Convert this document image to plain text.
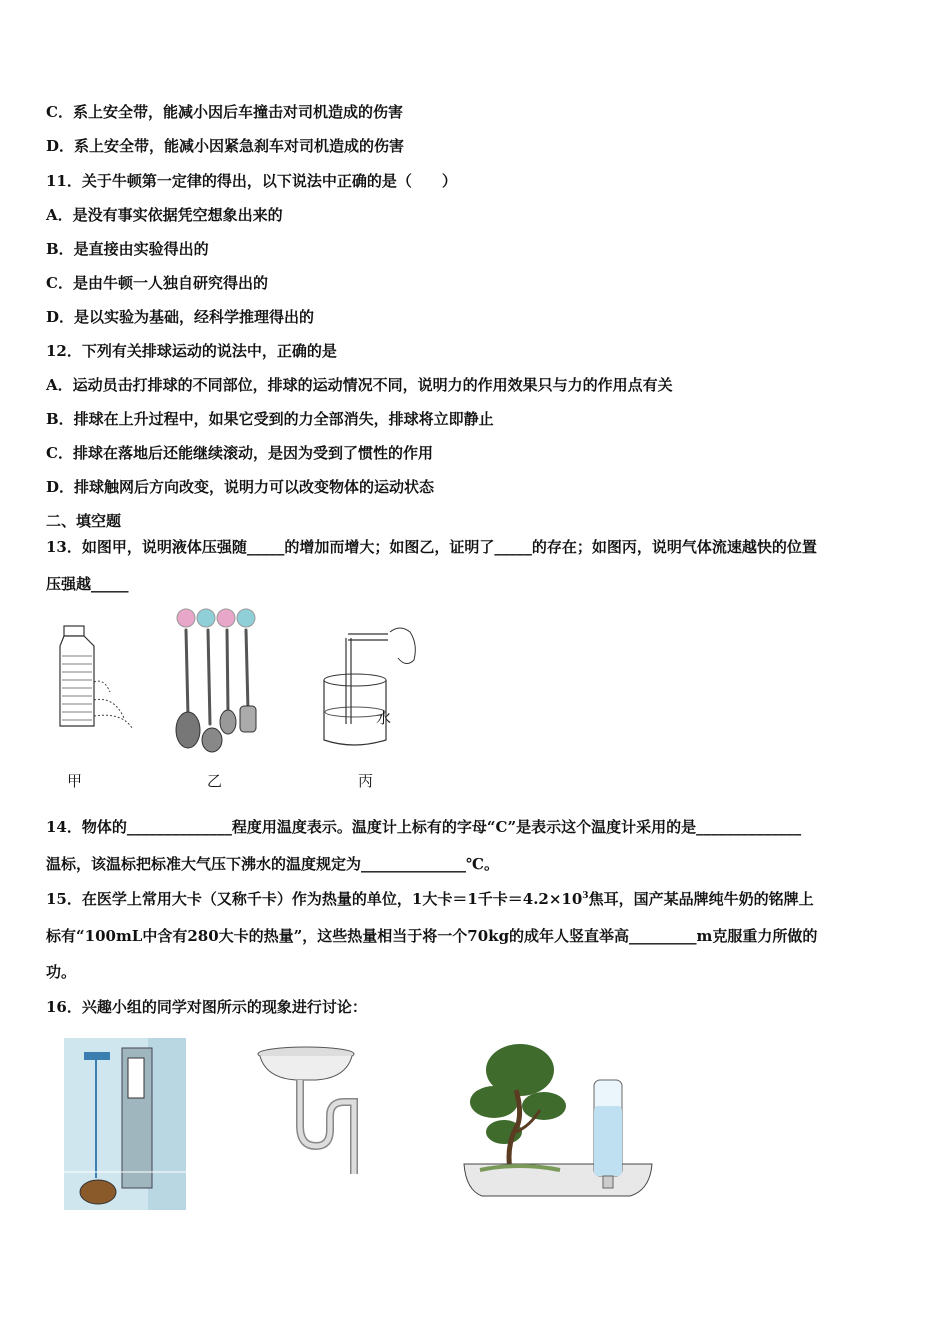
C．系上安全带，能减小因后车撞击对司机造成的伤害
D．系上安全带，能减小因紧急刹车对司机造成的伤害
11．关于牛顿第一定律的得出，以下说法中正确的是（　　）
A．是没有事实依据凭空想象出来的
B．是直接由实验得出的
C．是由牛顿一人独自研究得出的
D．是以实验为基础，经科学推理得出的
12．下列有关排球运动的说法中，正确的是
A．运动员击打排球的不同部位，排球的运动情况不同，说明力的作用效果只与力的作用点有关
B．排球在上升过程中，如果它受到的力全部消失，排球将立即静止
C．排球在落地后还能继续滚动，是因为受到了惯性的作用
D．排球触网后方向改变，说明力可以改变物体的运动状态
二、填空题
13．如图甲，说明液体压强随_____的增加而增大；如图乙，证明了_____的存在；如图丙，说明气体流速越快的位置
压强越_____
甲	乙
水
丙
14．物体的______________程度用温度表示。温度计上标有的字母“C”是表示这个温度计采用的是______________
温标，该温标把标准大气压下沸水的温度规定为______________℃。
15．在医学上常用大卡（又称千卡）作为热量的单位，1大卡＝1千卡$=4.2\times 10^3$焦耳，国产某品牌纯牛奶的铭牌上
标有“100mL中含有280大卡的热量”，这些热量相当于将一个70kg的成年人竖直举高_________m克服重力所做的
功。
16．兴趣小组的同学对图所示的现象进行讨论：
